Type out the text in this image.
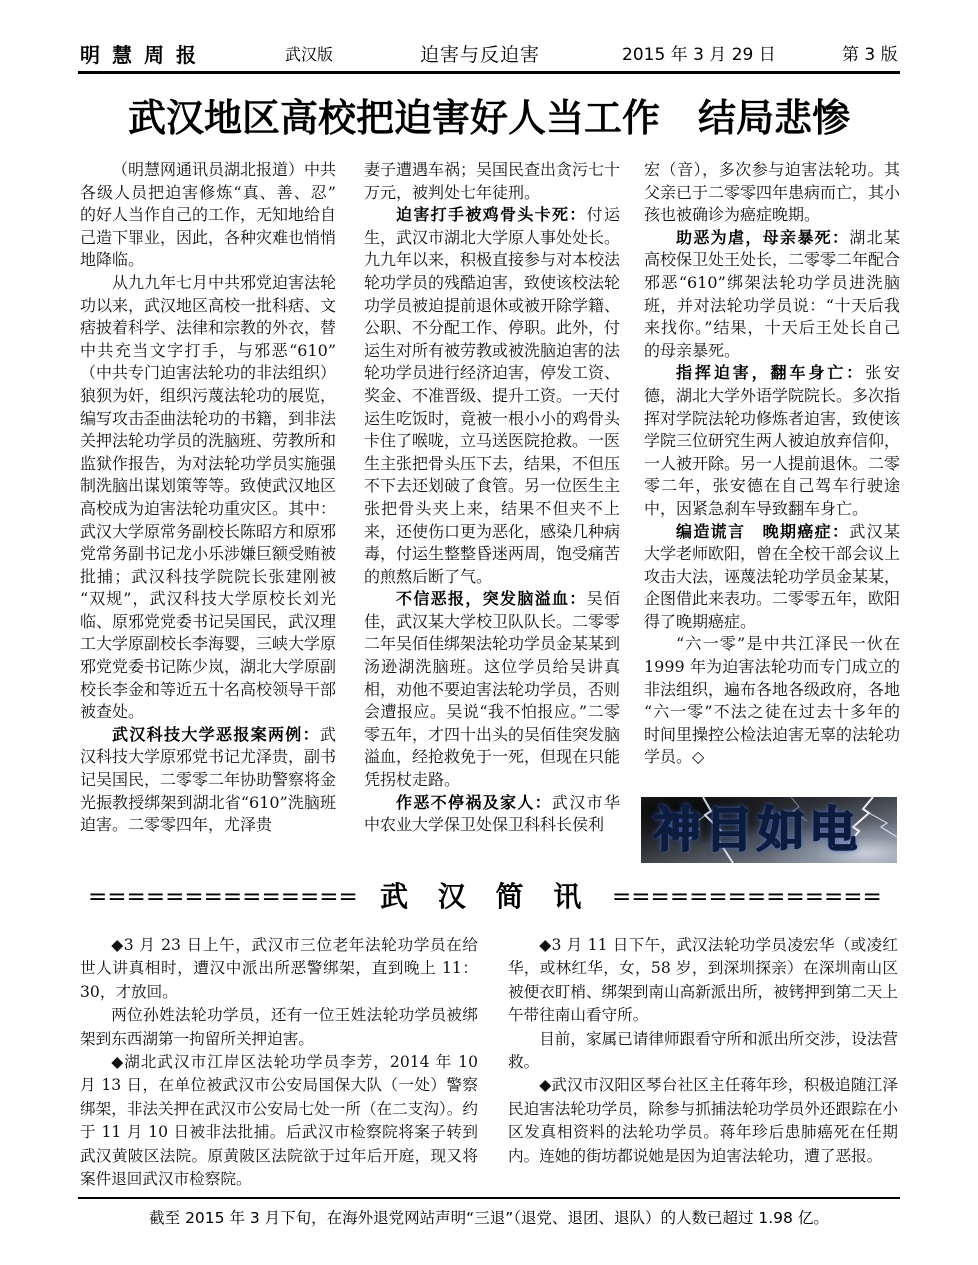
明慧周报	武汉版	迫害与反迫害	2015 年 3 月 29 日	第 3 版
武汉地区高校把迫害好人当工作　结局悲惨

（明慧网通讯员湖北报道）中共各级人员把迫害修炼“真、善、忍”的好人当作自己的工作，无知地给自己造下罪业，因此，各种灾难也悄悄地降临。

从九九年七月中共邪党迫害法轮功以来，武汉地区高校一批科痞、文痞披着科学、法律和宗教的外衣，替中共充当文字打手，与邪恶“610”（中共专门迫害法轮功的非法组织）狼狈为奸，组织污蔑法轮功的展览，编写攻击歪曲法轮功的书籍，到非法关押法轮功学员的洗脑班、劳教所和监狱作报告，为对法轮功学员实施强制洗脑出谋划策等等。致使武汉地区高校成为迫害法轮功重灾区。其中：武汉大学原常务副校长陈昭方和原邪党常务副书记龙小乐涉嫌巨额受贿被批捕；武汉科技学院院长张建刚被“双规”，武汉科技大学原校长刘光临、原邪党党委书记吴国民，武汉理工大学原副校长李海婴，三峡大学原邪党党委书记陈少岚，湖北大学原副校长李金和等近五十名高校领导干部被查处。

武汉科技大学恶报案两例：武汉科技大学原邪党书记尤泽贵，副书记吴国民，二零零二年协助警察将金光振教授绑架到湖北省“610”洗脑班迫害。二零零四年，尤泽贵

妻子遭遇车祸；吴国民查出贪污七十万元，被判处七年徒刑。

迫害打手被鸡骨头卡死：付运生，武汉市湖北大学原人事处处长。九九年以来，积极直接参与对本校法轮功学员的残酷迫害，致使该校法轮功学员被迫提前退休或被开除学籍、公职、不分配工作、停职。此外，付运生对所有被劳教或被洗脑迫害的法轮功学员进行经济迫害，停发工资、奖金、不准晋级、提升工资。一天付运生吃饭时，竟被一根小小的鸡骨头卡住了喉咙，立马送医院抢救。一医生主张把骨头压下去，结果，不但压不下去还划破了食管。另一位医生主张把骨头夹上来，结果不但夹不上来，还使伤口更为恶化，感染几种病毒，付运生整整昏迷两周，饱受痛苦的煎熬后断了气。

不信恶报，突发脑溢血：吴佰佳，武汉某大学校卫队队长。二零零二年吴佰佳绑架法轮功学员金某某到汤逊湖洗脑班。这位学员给吴讲真相，劝他不要迫害法轮功学员，否则会遭报应。吴说“我不怕报应。”二零零五年，才四十出头的吴佰佳突发脑溢血，经抢救免于一死，但现在只能凭拐杖走路。

作恶不停祸及家人：武汉市华中农业大学保卫处保卫科科长侯利

宏（音），多次参与迫害法轮功。其父亲已于二零零四年患病而亡，其小孩也被确诊为癌症晚期。

助恶为虐，母亲暴死：湖北某高校保卫处王处长，二零零二年配合邪恶“610”绑架法轮功学员进洗脑班，并对法轮功学员说：“十天后我来找你。”结果，十天后王处长自己的母亲暴死。

指挥迫害，翻车身亡：张安德，湖北大学外语学院院长。多次指挥对学院法轮功修炼者迫害，致使该学院三位研究生两人被迫放弃信仰，一人被开除。另一人提前退休。二零零二年，张安德在自己驾车行驶途中，因紧急刹车导致翻车身亡。

编造谎言　晚期癌症：武汉某大学老师欧阳，曾在全校干部会议上攻击大法，诬蔑法轮功学员金某某，企图借此来表功。二零零五年，欧阳得了晚期癌症。

“六一零”是中共江泽民一伙在 1999 年为迫害法轮功而专门成立的非法组织，遍布各地各级政府，各地“六一零”不法之徒在过去十多年的时间里操控公检法迫害无辜的法轮功学员。◇

神目如电
============== 武 汉 简 讯 ==============

◆3 月 23 日上午，武汉市三位老年法轮功学员在给世人讲真相时，遭汉中派出所恶警绑架，直到晚上 11：30，才放回。

两位孙姓法轮功学员，还有一位王姓法轮功学员被绑架到东西湖第一拘留所关押迫害。

◆湖北武汉市江岸区法轮功学员李芳，2014 年 10 月 13 日，在单位被武汉市公安局国保大队（一处）警察绑架，非法关押在武汉市公安局七处一所（在二支沟）。约于 11 月 10 日被非法批捕。后武汉市检察院将案子转到武汉黄陂区法院。原黄陂区法院欲于过年后开庭，现又将案件退回武汉市检察院。

◆3 月 11 日下午，武汉法轮功学员凌宏华（或凌红华，或林红华，女，58 岁，到深圳探亲）在深圳南山区被便衣盯梢、绑架到南山高新派出所，被铐押到第二天上午带往南山看守所。

目前，家属已请律师跟看守所和派出所交涉，设法营救。

◆武汉市汉阳区琴台社区主任蒋年珍，积极追随江泽民迫害法轮功学员，除参与抓捕法轮功学员外还跟踪在小区发真相资料的法轮功学员。蒋年珍后患肺癌死在任期内。连她的街坊都说她是因为迫害法轮功，遭了恶报。

截至 2015 年 3 月下旬，在海外退党网站声明“三退”（退党、退团、退队）的人数已超过 1.98 亿。
